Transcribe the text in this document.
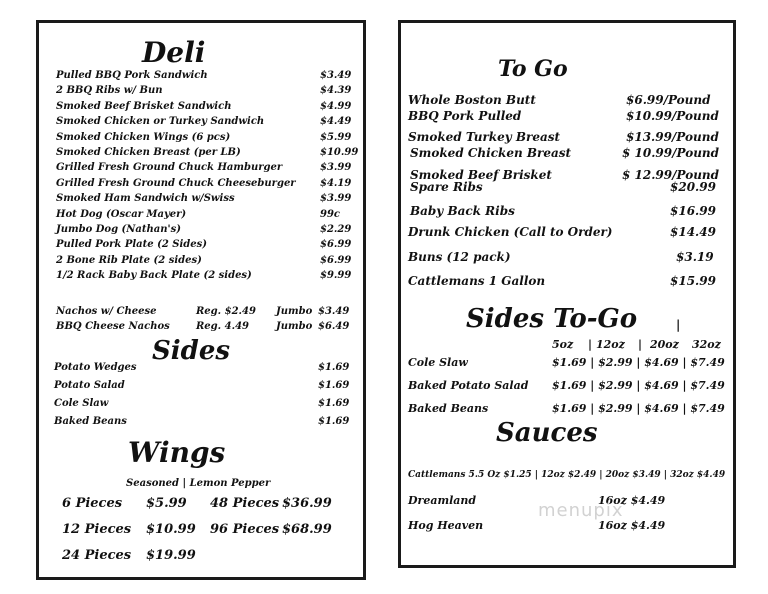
Deli
Pulled BBQ Pork Sandwich	$3.49
2 BBQ Ribs w/ Bun	$4.39
Smoked Beef Brisket Sandwich	$4.99
Smoked Chicken or Turkey Sandwich	$4.49
Smoked Chicken Wings (6 pcs)	$5.99
Smoked Chicken Breast (per LB)	$10.99
Grilled Fresh Ground Chuck Hamburger	$3.99
Grilled Fresh Ground Chuck Cheeseburger $4.19
Smoked Ham Sandwich w/Swiss	$3.99
Hot Dog (Oscar Mayer)	99c
Jumbo Dog (Nathan's)	$2.29
Pulled Pork Plate (2 Sides)	$6.99
2 Bone Rib Plate (2 sides)	$6.99
1/2 Rack Baby Back Plate (2 sides)	$9.99
Nachos w/ Cheese	Reg. $2.49 Jumbo $3.49
BBQ Cheese Nachos	Reg. 4.49	Jumbo $6.49
Sides
Potato Wedges	$1.69
Potato Salad	$1.69
Cole Slaw	$1.69
Baked Beans	$1.69
Wings
Seasoned | Lemon Pepper
6 Pieces $5.99
12 Pieces $10.99
24 Pieces $19.99
48 Pieces $36.99
96 Pieces $68.99
To Go
Whole Boston Butt	$6.99/Pound
BBQ Pork Pulled	$10.99/Pound
Smoked Turkey Breast	$13.99/Pound
Smoked Chicken Breast	$ 10.99/Pound
Smoked Beef Brisket	$ 12.99/Pound
Spare Ribs	$20.99
Baby Back Ribs	$16.99
Drunk Chicken (Call to Order)	$14.49
Buns (12 pack)	$3.19
Cattlemans 1 Gallon	$15.99
Sides To-Go	|
5oz | 12oz | 20oz 32oz
Cole Slaw	$1.69 | $2.99 | $4.69 | $7.49
Baked Potato Salad $1.69 | $2.99 | $4.69 | $7.49
Baked Beans	$1.69 | $2.99 | $4.69 | $7.49
Sauces
Cattlemans 5.5 Oz $1.25 | 12oz $2.49 | 20oz $3.49 | 32oz $4.49
Dreamland	16oz $4.49
Hog Heaven	16oz $4.49
menupix
